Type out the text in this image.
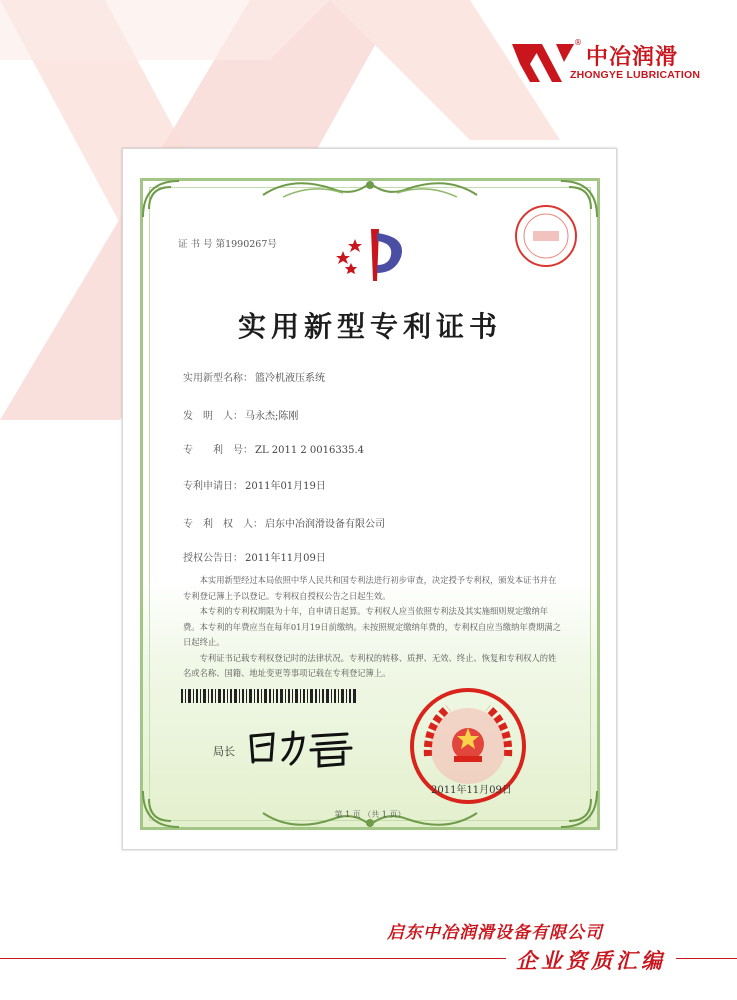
®
中冶润滑
ZHONGYE LUBRICATION
证 书 号 第1990267号
实用新型专利证书
实用新型名称： 篮冷机液压系统
发　明　人： 马永杰;陈刚
专　　利　号： ZL 2011 2 0016335.4
专利申请日： 2011年01月19日
专　利　权　人： 启东中冶润滑设备有限公司
授权公告日： 2011年11月09日

本实用新型经过本局依照中华人民共和国专利法进行初步审查，决定授予专利权，颁发本证书并在专利登记簿上予以登记。专利权自授权公告之日起生效。

本专利的专利权期限为十年，自申请日起算。专利权人应当依照专利法及其实施细则规定缴纳年费。本专利的年费应当在每年01月19日前缴纳。未按照规定缴纳年费的，专利权自应当缴纳年费期满之日起终止。

专利证书记载专利权登记时的法律状况。专利权的转移、质押、无效、终止、恢复和专利权人的姓名或名称、国籍、地址变更等事项记载在专利登记簿上。

局长
2011年11月09日
第 1 页 （共 1 页）
启东中冶润滑设备有限公司
企业资质汇编
